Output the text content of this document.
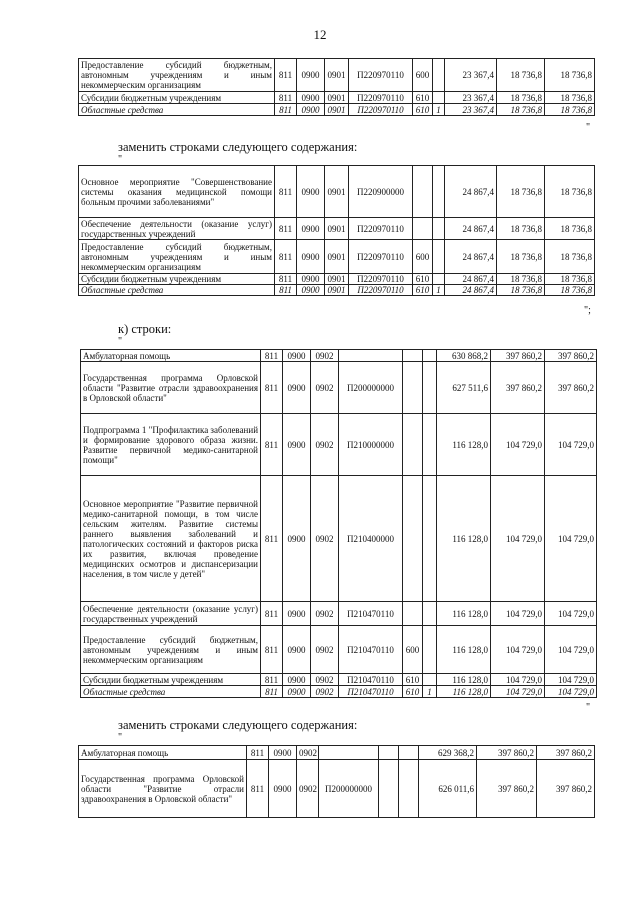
12
Предоставление субсидий бюджетным, автономным учреждениям и иным некоммерческим организациям	811	0900	0901	П220970110	600		23 367,4	18 736,8	18 736,8
Субсидии бюджетным учреждениям	811	0900	0901	П220970110	610		23 367,4	18 736,8	18 736,8
Областные средства	811	0900	0901	П220970110	610	1	23 367,4	18 736,8	18 736,8
"
заменить строками следующего содержания:
"
Основное мероприятие "Совершенствование системы оказания медицинской помощи больным прочими заболеваниями"	811	0900	0901	П220900000			24 867,4	18 736,8	18 736,8
Обеспечение деятельности (оказание услуг) государственных учреждений	811	0900	0901	П220970110			24 867,4	18 736,8	18 736,8
Предоставление субсидий бюджетным, автономным учреждениям и иным некоммерческим организациям	811	0900	0901	П220970110	600		24 867,4	18 736,8	18 736,8
Субсидии бюджетным учреждениям	811	0900	0901	П220970110	610		24 867,4	18 736,8	18 736,8
Областные средства	811	0900	0901	П220970110	610	1	24 867,4	18 736,8	18 736,8
";
к) строки:
"
Амбулаторная помощь	811	0900	0902				630 868,2	397 860,2	397 860,2
Государственная программа Орловской области "Развитие отрасли здравоохранения в Орловской области"	811	0900	0902	П200000000			627 511,6	397 860,2	397 860,2
Подпрограмма 1 "Профилактика заболеваний и формирование здорового образа жизни. Развитие первичной медико-санитарной помощи"	811	0900	0902	П210000000			116 128,0	104 729,0	104 729,0
Основное мероприятие "Развитие первичной медико-санитарной помощи, в том числе сельским жителям. Развитие системы раннего выявления заболеваний и патологических состояний и факторов риска их развития, включая проведение медицинских осмотров и диспансеризации населения, в том числе у детей"	811	0900	0902	П210400000			116 128,0	104 729,0	104 729,0
Обеспечение деятельности (оказание услуг) государственных учреждений	811	0900	0902	П210470110			116 128,0	104 729,0	104 729,0
Предоставление субсидий бюджетным, автономным учреждениям и иным некоммерческим организациям	811	0900	0902	П210470110	600		116 128,0	104 729,0	104 729,0
Субсидии бюджетным учреждениям	811	0900	0902	П210470110	610		116 128,0	104 729,0	104 729,0
Областные средства	811	0900	0902	П210470110	610	1	116 128,0	104 729,0	104 729,0
"
заменить строками следующего содержания:
"
Амбулаторная помощь	811	0900	0902				629 368,2	397 860,2	397 860,2
Государственная программа Орловской области "Развитие отрасли здравоохранения в Орловской области"	811	0900	0902	П200000000			626 011,6	397 860,2	397 860,2
